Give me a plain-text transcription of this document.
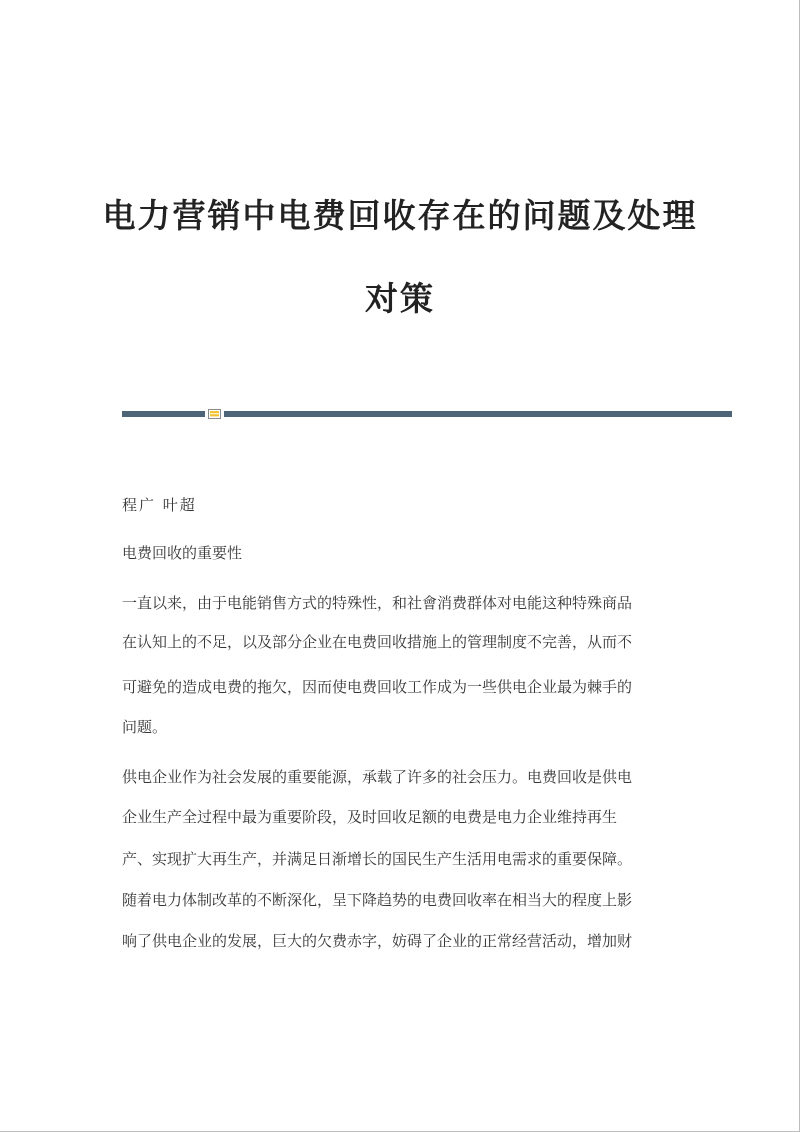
电力营销中电费回收存在的问题及处理
对策

程广 叶超

电费回收的重要性

一直以来，由于电能销售方式的特殊性，和社會消费群体对电能这种特殊商品

在认知上的不足，以及部分企业在电费回收措施上的管理制度不完善，从而不

可避免的造成电费的拖欠，因而使电费回收工作成为一些供电企业最为棘手的

问题。

供电企业作为社会发展的重要能源，承载了许多的社会压力。电费回收是供电

企业生产全过程中最为重要阶段，及时回收足额的电费是电力企业维持再生

产、实现扩大再生产，并满足日渐增长的国民生产生活用电需求的重要保障。

随着电力体制改革的不断深化，呈下降趋势的电费回收率在相当大的程度上影

响了供电企业的发展，巨大的欠费赤字，妨碍了企业的正常经营活动，增加财
